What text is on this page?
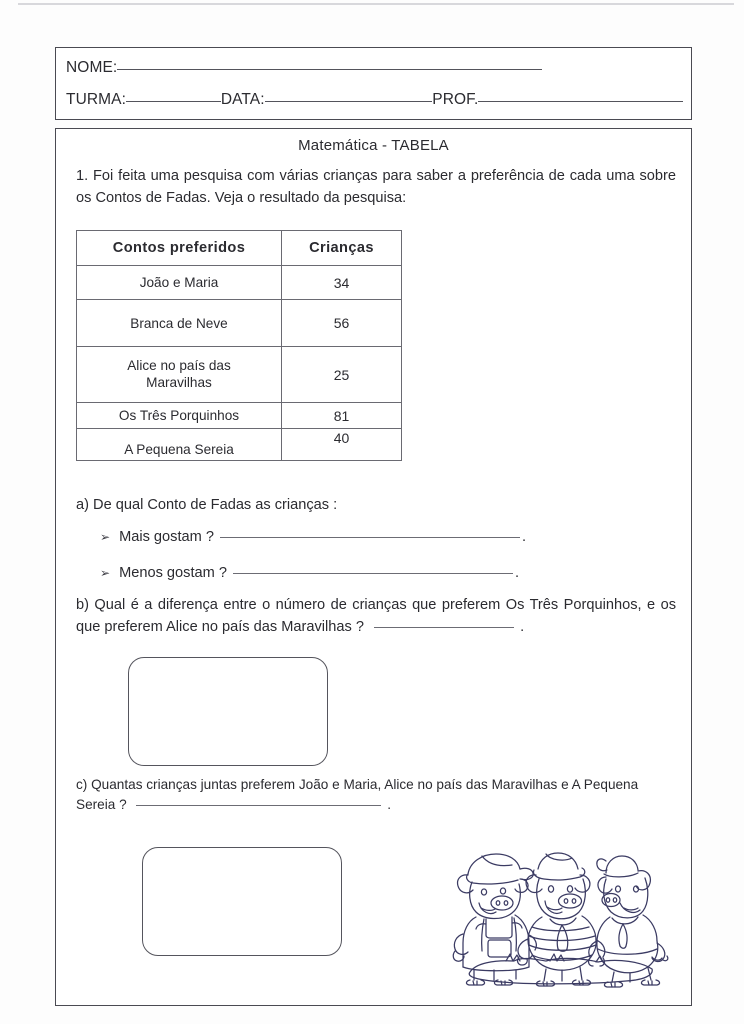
NOME:
TURMA:	DATA:	PROF.
Matemática - TABELA
1. Foi feita uma pesquisa com várias crianças para saber a preferência de cada uma sobre os Contos de Fadas. Veja o resultado da pesquisa:
Contos preferidos	Crianças
João e Maria	34
Branca de Neve	56

Alice no país das
Maravilhas	25
Os Três Porquinhos	81
A Pequena Sereia	40
a) De qual Conto de Fadas as crianças :
➢ Mais gostam ?	.
➢ Menos gostam ?	.
b) Qual é a diferença entre o número de crianças que preferem Os Três Porquinhos, e os que preferem Alice no país das Maravilhas ?	.
c) Quantas crianças juntas preferem João e Maria, Alice no país das Maravilhas e A Pequena Sereia ?	.
